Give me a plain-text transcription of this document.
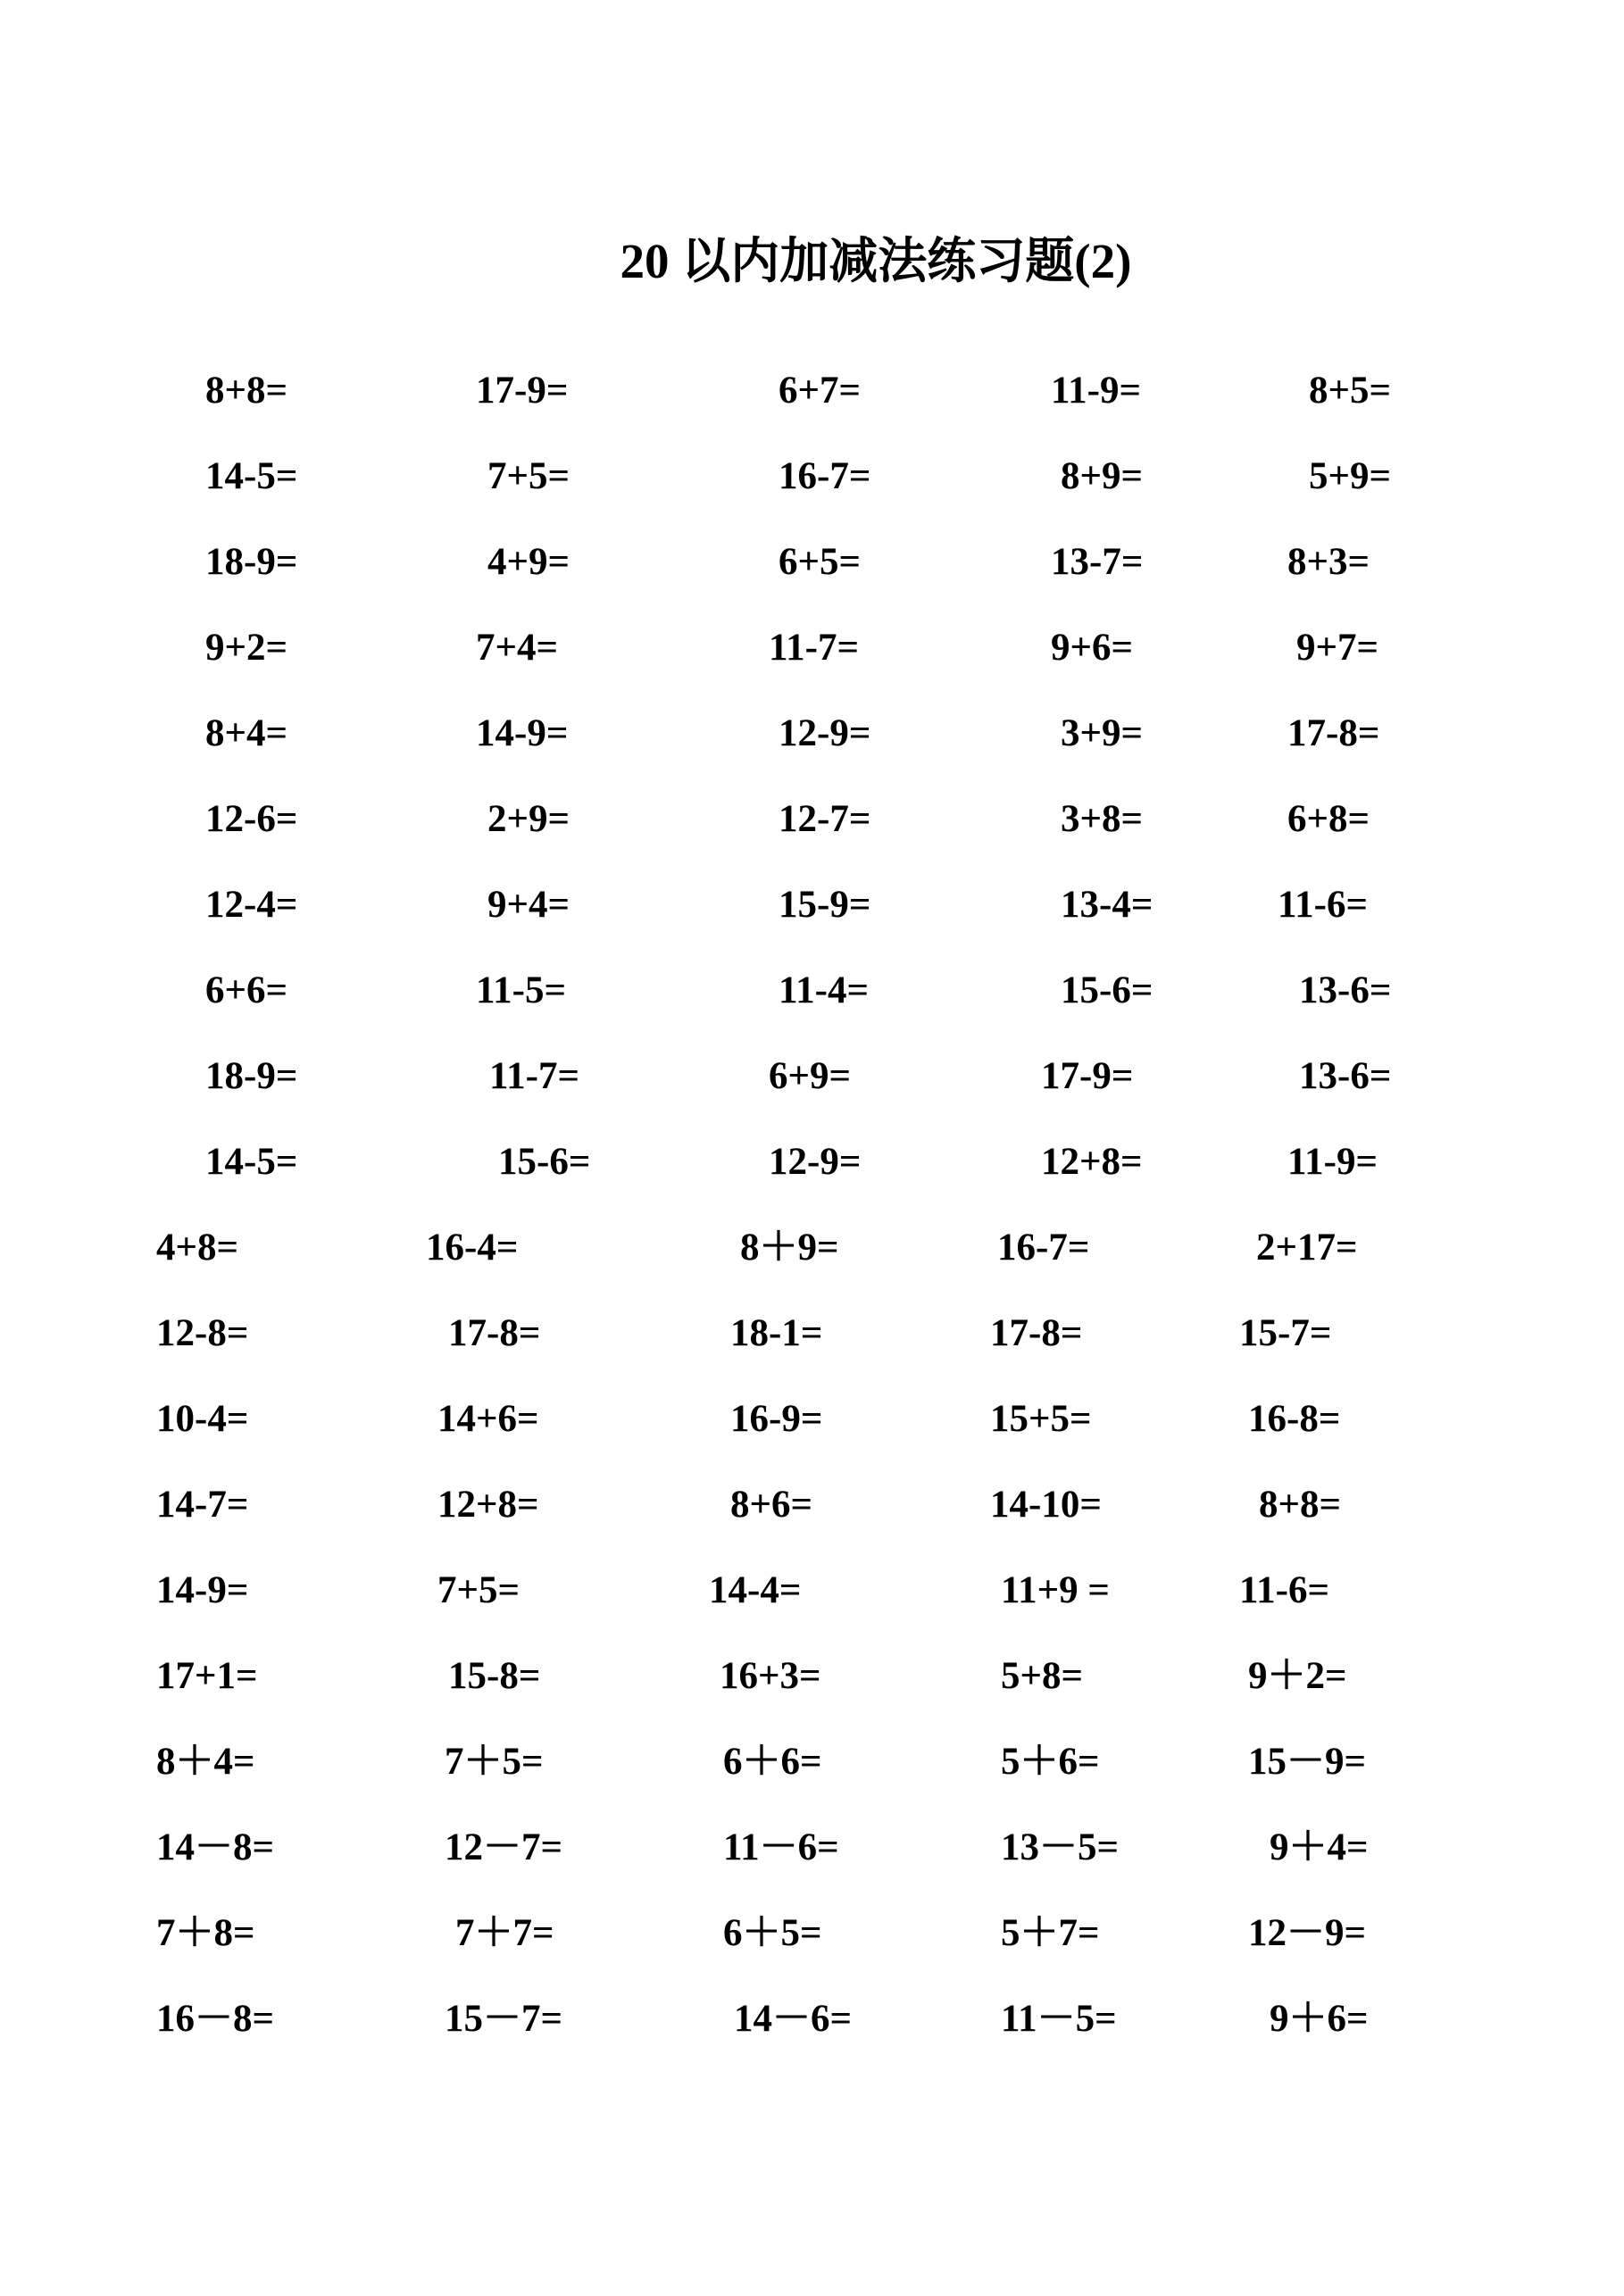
20 以内加减法练习题(2)
8+8=	17-9=	6+7=	11-9=	8+5=
14-5=	7+5=	16-7=	8+9=	5+9=
18-9=	4+9=	6+5=	13-7=	8+3=
9+2=	7+4=	11-7=	9+6=	9+7=
8+4=	14-9=	12-9=	3+9=	17-8=
12-6=	2+9=	12-7=	3+8=	6+8=
12-4=	9+4=	15-9=	13-4=	11-6=
6+6=	11-5=	11-4=	15-6=	13-6=
18-9=	11-7=	6+9=	17-9=	13-6=
14-5=	15-6=	12-9=	12+8=	11-9=
4+8=	16-4=	8＋9=	16-7=	2+17=
12-8=	17-8=	18-1=	17-8=	15-7=
10-4=	14+6=	16-9=	15+5=	16-8=
14-7=	12+8=	8+6=	14-10=	8+8=
14-9=	7+5=	14-4=	11+9 =	11-6=
17+1=	15-8=	16+3=	5+8=	9＋2=
8＋4=	7＋5=	6＋6=	5＋6=	15－9=
14－8=	12－7=	11－6=	13－5=	9＋4=
7＋8=	7＋7=	6＋5=	5＋7=	12－9=
16－8=	15－7=	14－6=	11－5=	9＋6=
